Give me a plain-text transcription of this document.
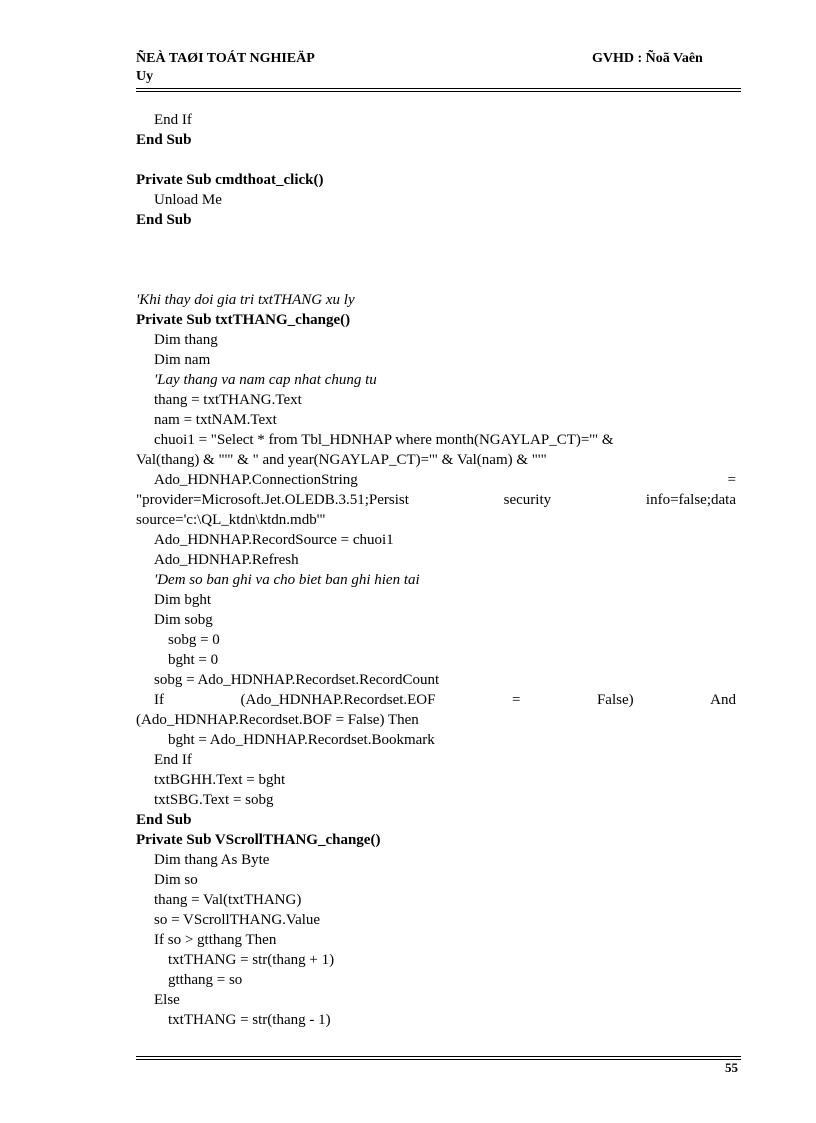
ÑEÀ TAØI TOÁT NGHIEÄP
Uy
GVHD : Ñoã Vaên
End If
End Sub
Private Sub cmdthoat_click()
Unload Me
End Sub
'Khi thay doi gia tri txtTHANG xu ly
Private Sub txtTHANG_change()
Dim thang
Dim nam
'Lay thang va nam cap nhat chung tu
thang = txtTHANG.Text
nam = txtNAM.Text
chuoi1 = "Select * from Tbl_HDNHAP where month(NGAYLAP_CT)='" &
Val(thang) & "'" & " and year(NGAYLAP_CT)='" & Val(nam) & "'"
Ado_HDNHAP.ConnectionString	=
"provider=Microsoft.Jet.OLEDB.3.51;Persist	security	info=false;data
source='c:\QL_ktdn\ktdn.mdb'"
Ado_HDNHAP.RecordSource = chuoi1
Ado_HDNHAP.Refresh
'Dem so ban ghi va cho biet ban ghi hien tai
Dim bght
Dim sobg
sobg = 0
bght = 0
sobg = Ado_HDNHAP.Recordset.RecordCount
If	(Ado_HDNHAP.Recordset.EOF	=	False)	And
(Ado_HDNHAP.Recordset.BOF = False) Then
bght = Ado_HDNHAP.Recordset.Bookmark
End If
txtBGHH.Text = bght
txtSBG.Text = sobg
End Sub
Private Sub VScrollTHANG_change()
Dim thang As Byte
Dim so
thang = Val(txtTHANG)
so = VScrollTHANG.Value
If so > gtthang Then
txtTHANG = str(thang + 1)
gtthang = so
Else
txtTHANG = str(thang - 1)
55
